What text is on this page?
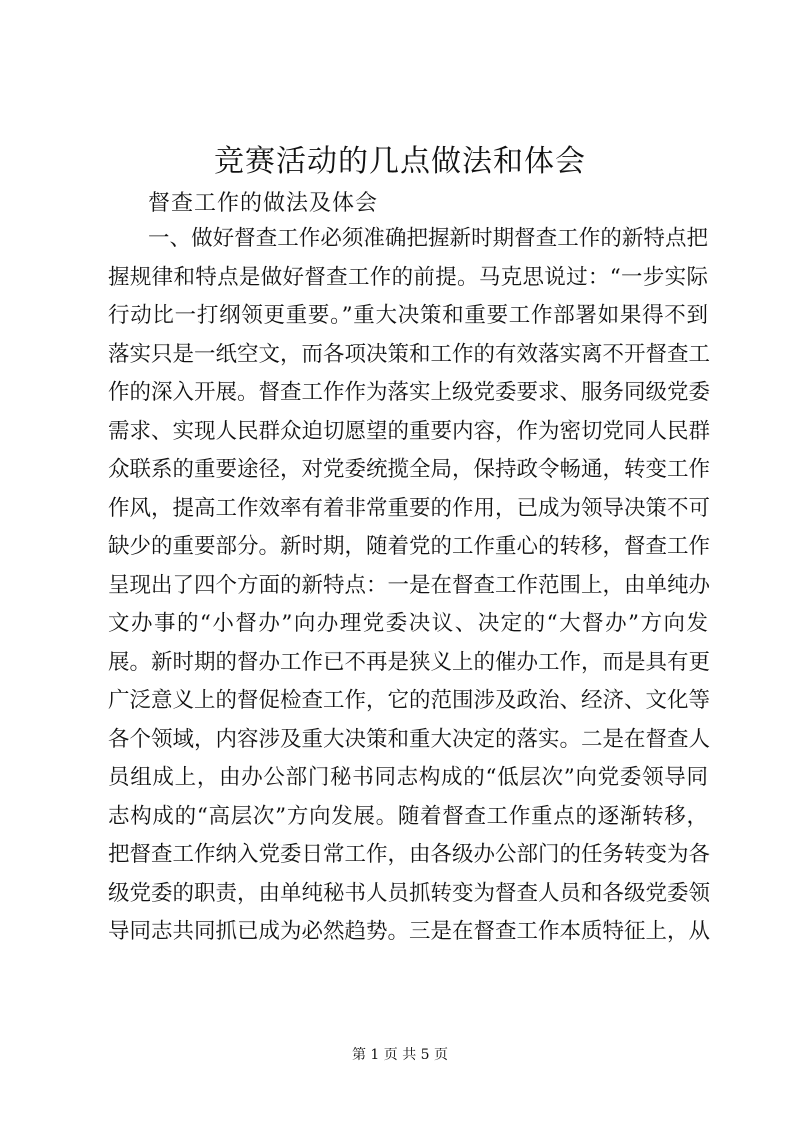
竞赛活动的几点做法和体会

督查工作的做法及体会

一、做好督查工作必须准确把握新时期督查工作的新特点把
握规律和特点是做好督查工作的前提。马克思说过：“一步实际
行动比一打纲领更重要。”重大决策和重要工作部署如果得不到
落实只是一纸空文，而各项决策和工作的有效落实离不开督查工
作的深入开展。督查工作作为落实上级党委要求、服务同级党委
需求、实现人民群众迫切愿望的重要内容，作为密切党同人民群
众联系的重要途径，对党委统揽全局，保持政令畅通，转变工作
作风，提高工作效率有着非常重要的作用，已成为领导决策不可
缺少的重要部分。新时期，随着党的工作重心的转移，督查工作
呈现出了四个方面的新特点：一是在督查工作范围上，由单纯办
文办事的“小督办”向办理党委决议、决定的“大督办”方向发
展。新时期的督办工作已不再是狭义上的催办工作，而是具有更
广泛意义上的督促检查工作，它的范围涉及政治、经济、文化等
各个领域，内容涉及重大决策和重大决定的落实。二是在督查人
员组成上，由办公部门秘书同志构成的“低层次”向党委领导同
志构成的“高层次”方向发展。随着督查工作重点的逐渐转移，
把督查工作纳入党委日常工作，由各级办公部门的任务转变为各
级党委的职责，由单纯秘书人员抓转变为督查人员和各级党委领
导同志共同抓已成为必然趋势。三是在督查工作本质特征上，从
第 1 页 共 5 页
